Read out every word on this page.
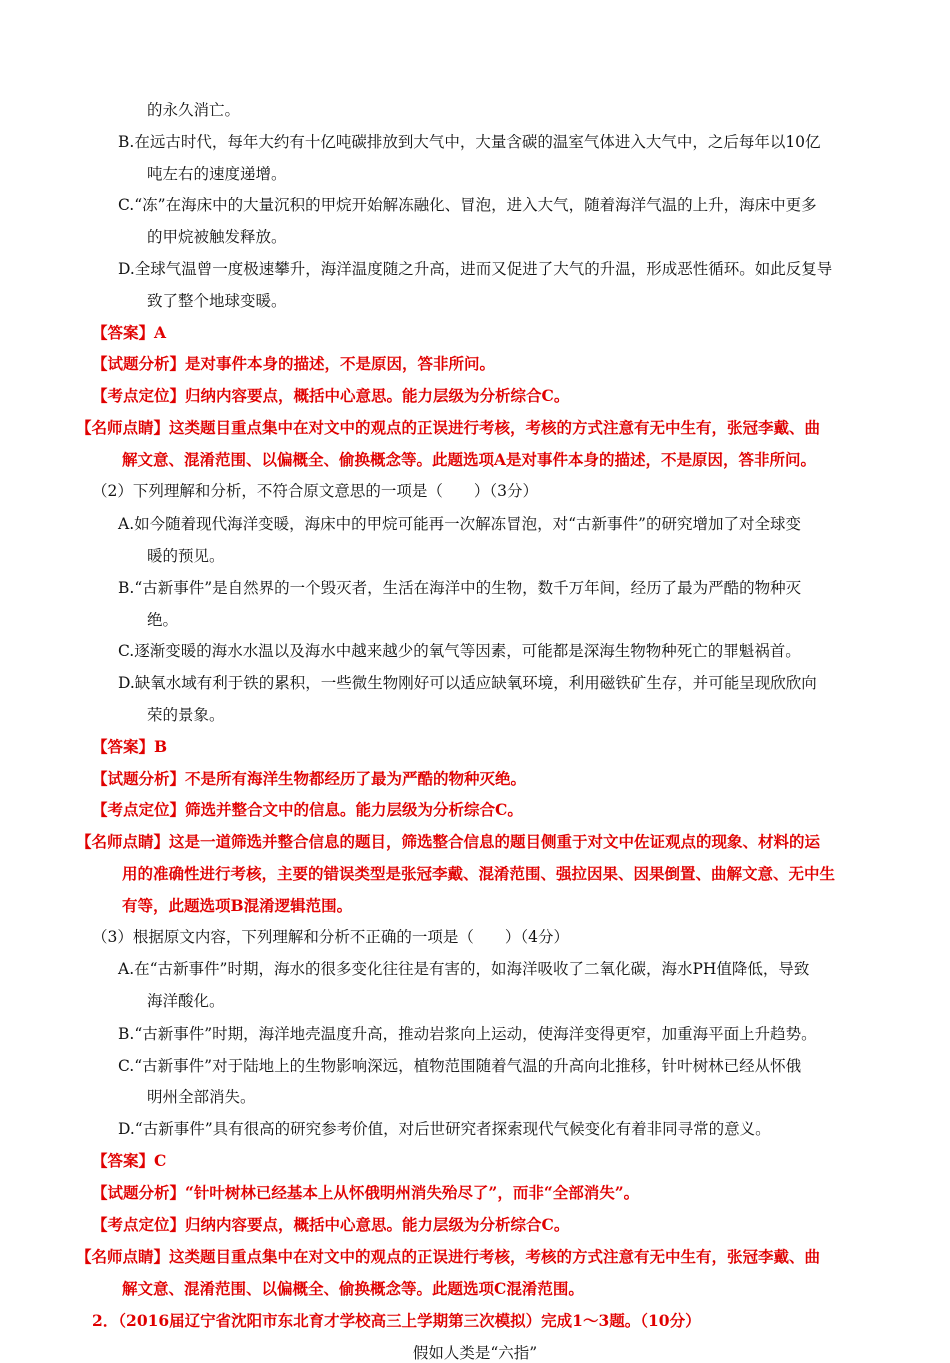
的永久消亡。
B.在远古时代，每年大约有十亿吨碳排放到大气中，大量含碳的温室气体进入大气中，之后每年以10亿
吨左右的速度递增。
C.“冻”在海床中的大量沉积的甲烷开始解冻融化、冒泡，进入大气，随着海洋气温的上升，海床中更多
的甲烷被触发释放。
D.全球气温曾一度极速攀升，海洋温度随之升高，进而又促进了大气的升温，形成恶性循环。如此反复导
致了整个地球变暖。
【答案】A
【试题分析】是对事件本身的描述，不是原因，答非所问。
【考点定位】归纳内容要点，概括中心意思。能力层级为分析综合C。
【名师点睛】这类题目重点集中在对文中的观点的正误进行考核，考核的方式注意有无中生有，张冠李戴、曲
解文意、混淆范围、以偏概全、偷换概念等。此题选项A是对事件本身的描述，不是原因，答非所问。
（2）下列理解和分析，不符合原文意思的一项是（　　）（3分）
A.如今随着现代海洋变暖，海床中的甲烷可能再一次解冻冒泡，对“古新事件”的研究增加了对全球变
暖的预见。
B.“古新事件”是自然界的一个毁灭者，生活在海洋中的生物，数千万年间，经历了最为严酷的物种灭
绝。
C.逐渐变暖的海水水温以及海水中越来越少的氧气等因素，可能都是深海生物物种死亡的罪魁祸首。
D.缺氧水域有利于铁的累积，一些微生物刚好可以适应缺氧环境，利用磁铁矿生存，并可能呈现欣欣向
荣的景象。
【答案】B
【试题分析】不是所有海洋生物都经历了最为严酷的物种灭绝。
【考点定位】筛选并整合文中的信息。能力层级为分析综合C。
【名师点睛】这是一道筛选并整合信息的题目，筛选整合信息的题目侧重于对文中佐证观点的现象、材料的运
用的准确性进行考核，主要的错误类型是张冠李戴、混淆范围、强拉因果、因果倒置、曲解文意、无中生
有等，此题选项B混淆逻辑范围。
（3）根据原文内容，下列理解和分析不正确的一项是（　　）（4分）
A.在“古新事件”时期，海水的很多变化往往是有害的，如海洋吸收了二氧化碳，海水PH值降低，导致
海洋酸化。
B.“古新事件”时期，海洋地壳温度升高，推动岩浆向上运动，使海洋变得更窄，加重海平面上升趋势。
C.“古新事件”对于陆地上的生物影响深远，植物范围随着气温的升高向北推移，针叶树林已经从怀俄
明州全部消失。
D.“古新事件”具有很高的研究参考价值，对后世研究者探索现代气候变化有着非同寻常的意义。
【答案】C
【试题分析】“针叶树林已经基本上从怀俄明州消失殆尽了”，而非“全部消失”。
【考点定位】归纳内容要点，概括中心意思。能力层级为分析综合C。
【名师点睛】这类题目重点集中在对文中的观点的正误进行考核，考核的方式注意有无中生有，张冠李戴、曲
解文意、混淆范围、以偏概全、偷换概念等。此题选项C混淆范围。
2．（2016届辽宁省沈阳市东北育才学校高三上学期第三次模拟）完成1～3题。（10分）
假如人类是“六指”
